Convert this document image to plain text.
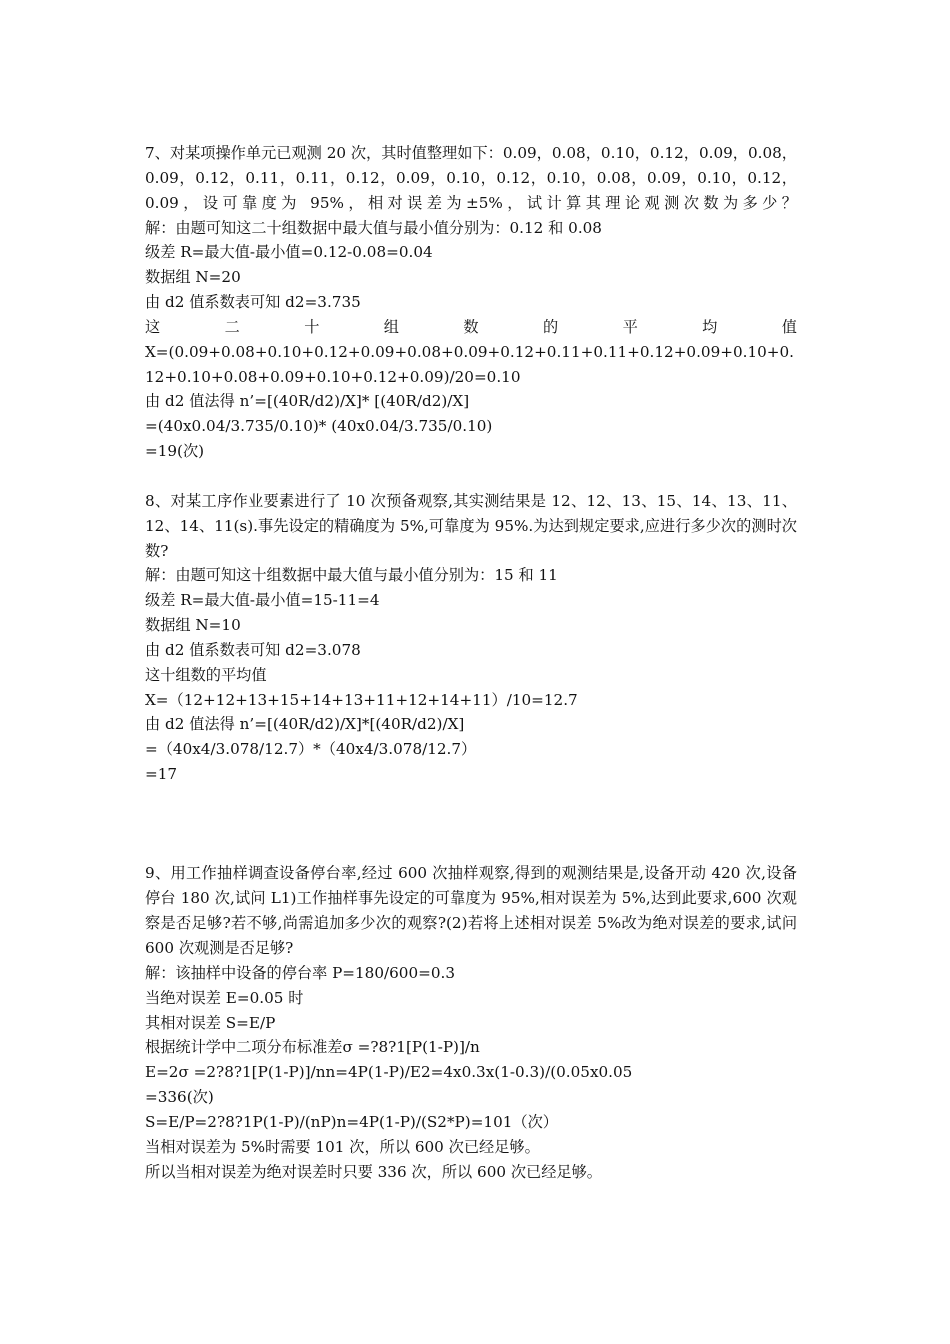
7、对某项操作单元已观测 20 次，其时值整理如下：0.09，0.08，0.10，0.12，0.09，0.08，0.09，0.12，0.11，0.11，0.12，0.09，0.10，0.12，0.10，0.08，0.09，0.10，0.12，0.09，设可靠度为 95%，相对误差为±5%，试计算其理论观测次数为多少？
解：由题可知这二十组数据中最大值与最小值分别为：0.12 和 0.08
级差 R=最大值-最小值=0.12-0.08=0.04
数据组 N=20
由 d2 值系数表可知 d2=3.735
这	二	十	组	数	的	平	均	值
X=(0.09+0.08+0.10+0.12+0.09+0.08+0.09+0.12+0.11+0.11+0.12+0.09+0.10+0.12+0.10+0.08+0.09+0.10+0.12+0.09)/20=0.10
由 d2 值法得 n’=[(40R/d2)/X]* [(40R/d2)/X]
=(40x0.04/3.735/0.10)* (40x0.04/3.735/0.10)
=19(次)
8、对某工序作业要素进行了 10 次预备观察,其实测结果是 12、12、13、15、14、13、11、12、14、11(s).事先设定的精确度为 5%,可靠度为 95%.为达到规定要求,应进行多少次的测时次数?
解：由题可知这十组数据中最大值与最小值分别为：15 和 11
级差 R=最大值-最小值=15-11=4
数据组 N=10
由 d2 值系数表可知 d2=3.078
这十组数的平均值
X=（12+12+13+15+14+13+11+12+14+11）/10=12.7
由 d2 值法得 n’=[(40R/d2)/X]*[(40R/d2)/X]
=（40x4/3.078/12.7）*（40x4/3.078/12.7）
=17
9、用工作抽样调查设备停台率,经过 600 次抽样观察,得到的观测结果是,设备开动 420 次,设备停台 180 次,试问 L1)工作抽样事先设定的可靠度为 95%,相对误差为 5%,达到此要求,600 次观察是否足够?若不够,尚需追加多少次的观察?(2)若将上述相对误差 5%改为绝对误差的要求,试问 600 次观测是否足够?
解：该抽样中设备的停台率 P=180/600=0.3
当绝对误差 E=0.05 时
其相对误差 S=E/P
根据统计学中二项分布标准差σ =?8?1[P(1-P)]/n
E=2σ =2?8?1[P(1-P)]/nn=4P(1-P)/E2=4x0.3x(1-0.3)/(0.05x0.05
=336(次)
S=E/P=2?8?1P(1-P)/(nP)n=4P(1-P)/(S2*P)=101（次）
当相对误差为 5%时需要 101 次，所以 600 次已经足够。
所以当相对误差为绝对误差时只要 336 次，所以 600 次已经足够。
